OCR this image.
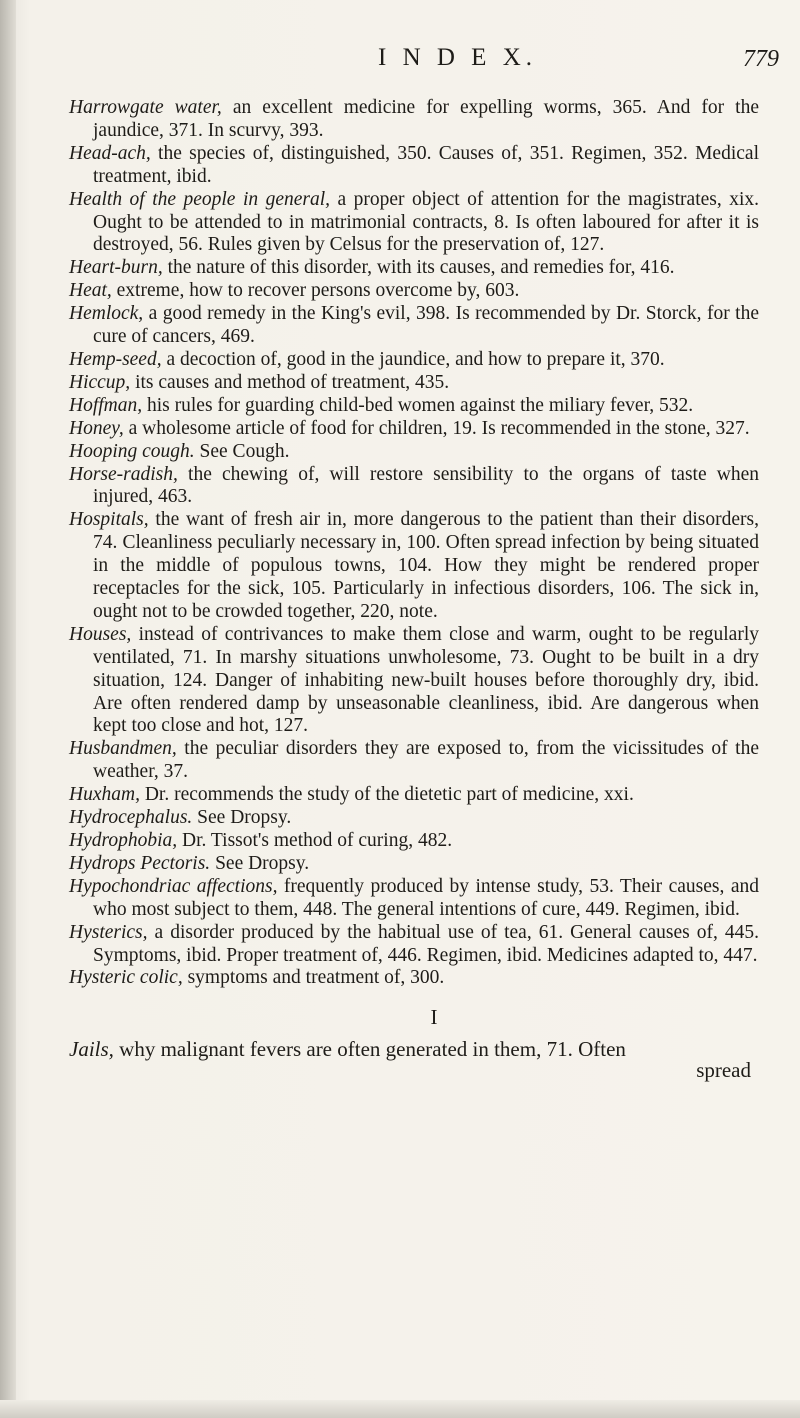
I N D E X.	779

Harrowgate water, an excellent medicine for expelling worms, 365. And for the jaundice, 371. In scurvy, 393.

Head-ach, the species of, distinguished, 350. Causes of, 351. Regimen, 352. Medical treatment, ibid.

Health of the people in general, a proper object of attention for the magistrates, xix. Ought to be attended to in matrimonial contracts, 8. Is often laboured for after it is destroyed, 56. Rules given by Celsus for the preservation of, 127.

Heart-burn, the nature of this disorder, with its causes, and remedies for, 416.

Heat, extreme, how to recover persons overcome by, 603.

Hemlock, a good remedy in the King's evil, 398. Is recommended by Dr. Storck, for the cure of cancers, 469.

Hemp-seed, a decoction of, good in the jaundice, and how to prepare it, 370.

Hiccup, its causes and method of treatment, 435.

Hoffman, his rules for guarding child-bed women against the miliary fever, 532.

Honey, a wholesome article of food for children, 19. Is recommended in the stone, 327.

Hooping cough. See Cough.

Horse-radish, the chewing of, will restore sensibility to the organs of taste when injured, 463.

Hospitals, the want of fresh air in, more dangerous to the patient than their disorders, 74. Cleanliness peculiarly necessary in, 100. Often spread infection by being situated in the middle of populous towns, 104. How they might be rendered proper receptacles for the sick, 105. Particularly in infectious disorders, 106. The sick in, ought not to be crowded together, 220, note.

Houses, instead of contrivances to make them close and warm, ought to be regularly ventilated, 71. In marshy situations unwholesome, 73. Ought to be built in a dry situation, 124. Danger of inhabiting new-built houses before thoroughly dry, ibid. Are often rendered damp by unseasonable cleanliness, ibid. Are dangerous when kept too close and hot, 127.

Husbandmen, the peculiar disorders they are exposed to, from the vicissitudes of the weather, 37.

Huxham, Dr. recommends the study of the dietetic part of medicine, xxi.

Hydrocephalus. See Dropsy.

Hydrophobia, Dr. Tissot's method of curing, 482.

Hydrops Pectoris. See Dropsy.

Hypochondriac affections, frequently produced by intense study, 53. Their causes, and who most subject to them, 448. The general intentions of cure, 449. Regimen, ibid.

Hysterics, a disorder produced by the habitual use of tea, 61. General causes of, 445. Symptoms, ibid. Proper treatment of, 446. Regimen, ibid. Medicines adapted to, 447.

Hysteric colic, symptoms and treatment of, 300.

I

Jails, why malignant fevers are often generated in them, 71. Often

spread
